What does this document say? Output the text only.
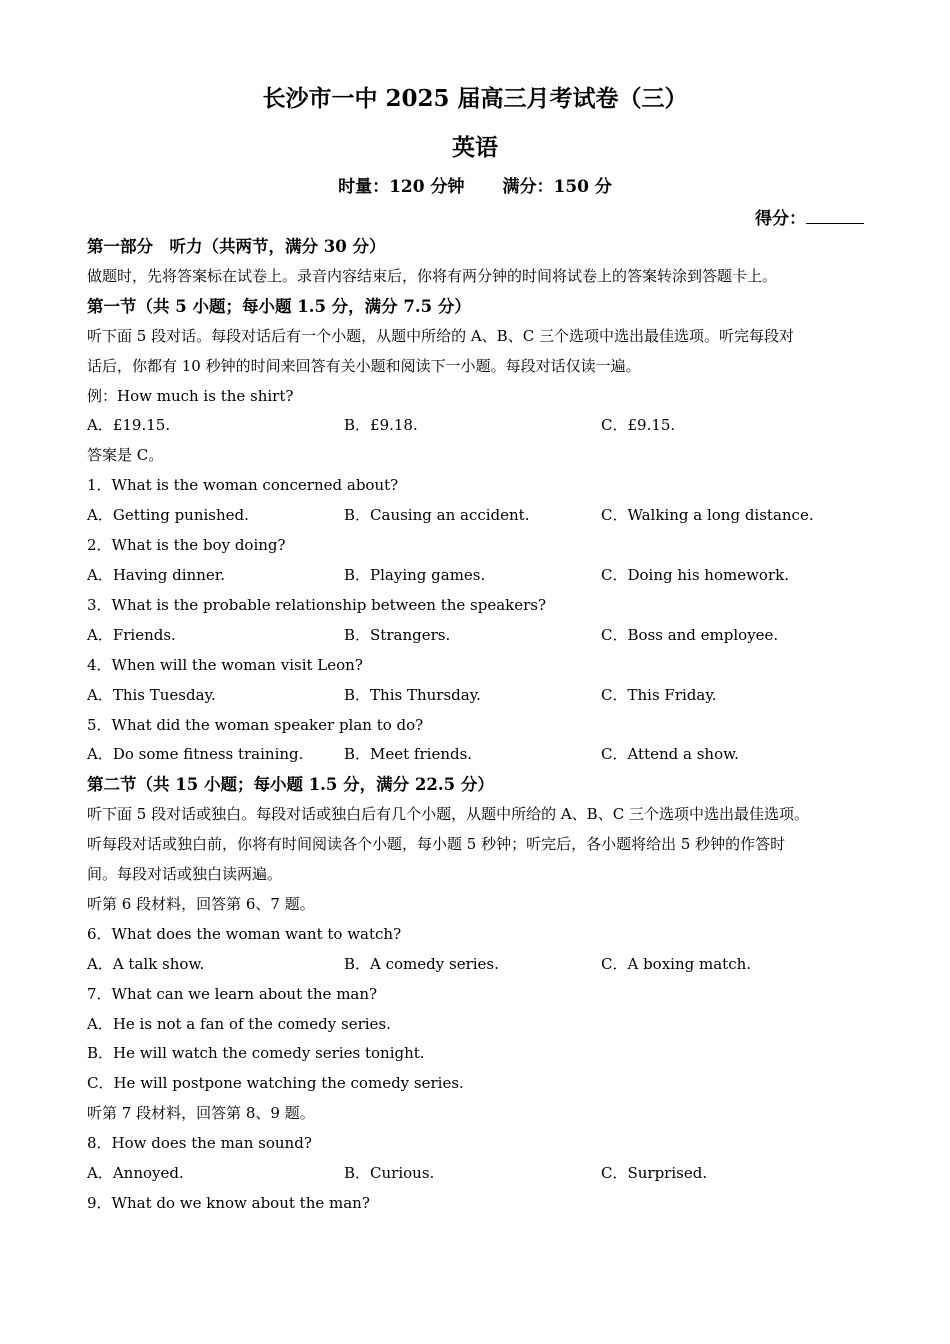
长沙市一中 2025 届高三月考试卷（三）
英语
时量：120 分钟 满分：150 分
得分：
第一部分　听力（共两节，满分 30 分）
做题时，先将答案标在试卷上。录音内容结束后，你将有两分钟的时间将试卷上的答案转涂到答题卡上。
第一节（共 5 小题；每小题 1.5 分，满分 7.5 分）
听下面 5 段对话。每段对话后有一个小题，从题中所给的 A、B、C 三个选项中选出最佳选项。听完每段对
话后，你都有 10 秒钟的时间来回答有关小题和阅读下一小题。每段对话仅读一遍。
例：How much is the shirt?
A．£19.15.	B．£9.18.	C．£9.15.
答案是 C。
1．What is the woman concerned about?
A．Getting punished.	B．Causing an accident.	C．Walking a long distance.
2．What is the boy doing?
A．Having dinner.	B．Playing games.	C．Doing his homework.
3．What is the probable relationship between the speakers?
A．Friends.	B．Strangers.	C．Boss and employee.
4．When will the woman visit Leon?
A．This Tuesday.	B．This Thursday.	C．This Friday.
5．What did the woman speaker plan to do?
A．Do some fitness training.	B．Meet friends.	C．Attend a show.
第二节（共 15 小题；每小题 1.5 分，满分 22.5 分）
听下面 5 段对话或独白。每段对话或独白后有几个小题，从题中所给的 A、B、C 三个选项中选出最佳选项。
听每段对话或独白前，你将有时间阅读各个小题，每小题 5 秒钟；听完后，各小题将给出 5 秒钟的作答时
间。每段对话或独白读两遍。
听第 6 段材料，回答第 6、7 题。
6．What does the woman want to watch?
A．A talk show.	B．A comedy series.	C．A boxing match.
7．What can we learn about the man?
A．He is not a fan of the comedy series.
B．He will watch the comedy series tonight.
C．He will postpone watching the comedy series.
听第 7 段材料，回答第 8、9 题。
8．How does the man sound?
A．Annoyed.	B．Curious.	C．Surprised.
9．What do we know about the man?
